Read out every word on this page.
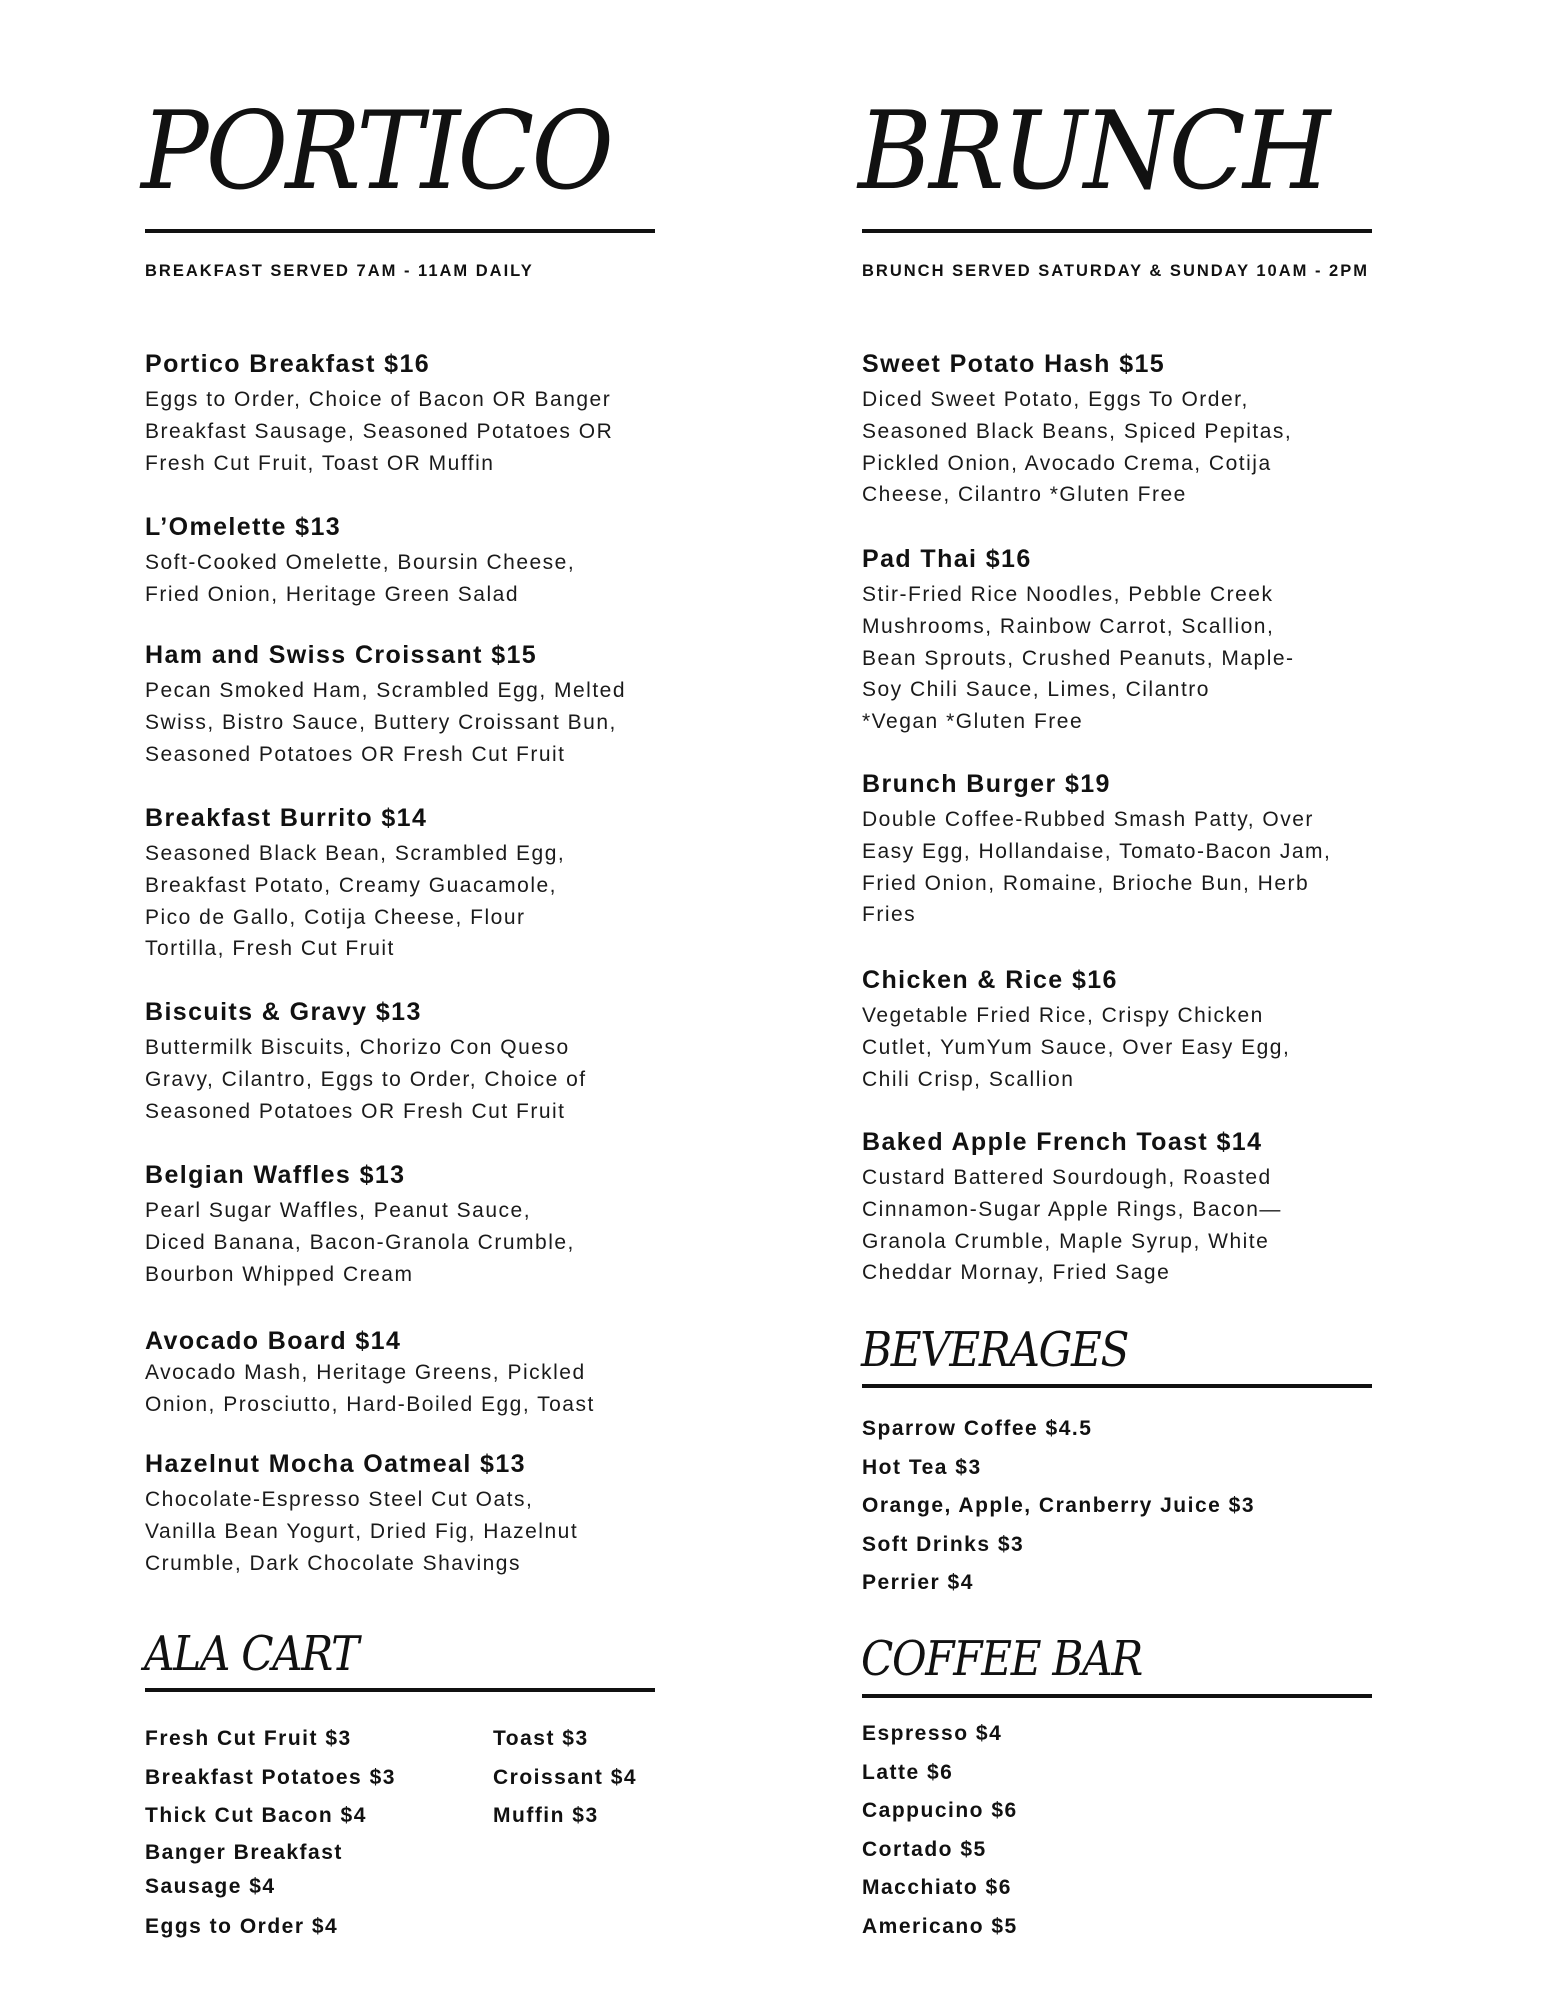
PORTICO

BREAKFAST SERVED 7AM - 11AM DAILY

Portico Breakfast $16

Eggs to Order, Choice of Bacon OR Banger
Breakfast Sausage, Seasoned Potatoes OR
Fresh Cut Fruit, Toast OR Muffin

L’Omelette $13

Soft-Cooked Omelette, Boursin Cheese,
Fried Onion, Heritage Green Salad

Ham and Swiss Croissant $15

Pecan Smoked Ham, Scrambled Egg, Melted
Swiss, Bistro Sauce, Buttery Croissant Bun,
Seasoned Potatoes OR Fresh Cut Fruit

Breakfast Burrito $14

Seasoned Black Bean, Scrambled Egg,
Breakfast Potato, Creamy Guacamole,
Pico de Gallo, Cotija Cheese, Flour
Tortilla, Fresh Cut Fruit

Biscuits & Gravy $13

Buttermilk Biscuits, Chorizo Con Queso
Gravy, Cilantro, Eggs to Order, Choice of
Seasoned Potatoes OR Fresh Cut Fruit

Belgian Waffles $13

Pearl Sugar Waffles, Peanut Sauce,
Diced Banana, Bacon-Granola Crumble,
Bourbon Whipped Cream

Avocado Board $14

Avocado Mash, Heritage Greens, Pickled
Onion, Prosciutto, Hard-Boiled Egg, Toast

Hazelnut Mocha Oatmeal $13

Chocolate-Espresso Steel Cut Oats,
Vanilla Bean Yogurt, Dried Fig, Hazelnut
Crumble, Dark Chocolate Shavings

ALA CART
Fresh Cut Fruit $3
Breakfast Potatoes $3
Thick Cut Bacon $4
Banger Breakfast Sausage $4
Eggs to Order $4
Toast $3
Croissant $4
Muffin $3
BRUNCH

BRUNCH SERVED SATURDAY & SUNDAY 10AM - 2PM

Sweet Potato Hash $15

Diced Sweet Potato, Eggs To Order,
Seasoned Black Beans, Spiced Pepitas,
Pickled Onion, Avocado Crema, Cotija
Cheese, Cilantro *Gluten Free

Pad Thai $16

Stir-Fried Rice Noodles, Pebble Creek
Mushrooms, Rainbow Carrot, Scallion,
Bean Sprouts, Crushed Peanuts, Maple-
Soy Chili Sauce, Limes, Cilantro
*Vegan *Gluten Free

Brunch Burger $19

Double Coffee-Rubbed Smash Patty, Over
Easy Egg, Hollandaise, Tomato-Bacon Jam,
Fried Onion, Romaine, Brioche Bun, Herb
Fries

Chicken & Rice $16

Vegetable Fried Rice, Crispy Chicken
Cutlet, YumYum Sauce, Over Easy Egg,
Chili Crisp, Scallion

Baked Apple French Toast $14

Custard Battered Sourdough, Roasted
Cinnamon-Sugar Apple Rings, Bacon—
Granola Crumble, Maple Syrup, White
Cheddar Mornay, Fried Sage

BEVERAGES
Sparrow Coffee $4.5
Hot Tea $3
Orange, Apple, Cranberry Juice $3
Soft Drinks $3
Perrier $4
COFFEE BAR
Espresso $4
Latte $6
Cappucino $6
Cortado $5
Macchiato $6
Americano $5
